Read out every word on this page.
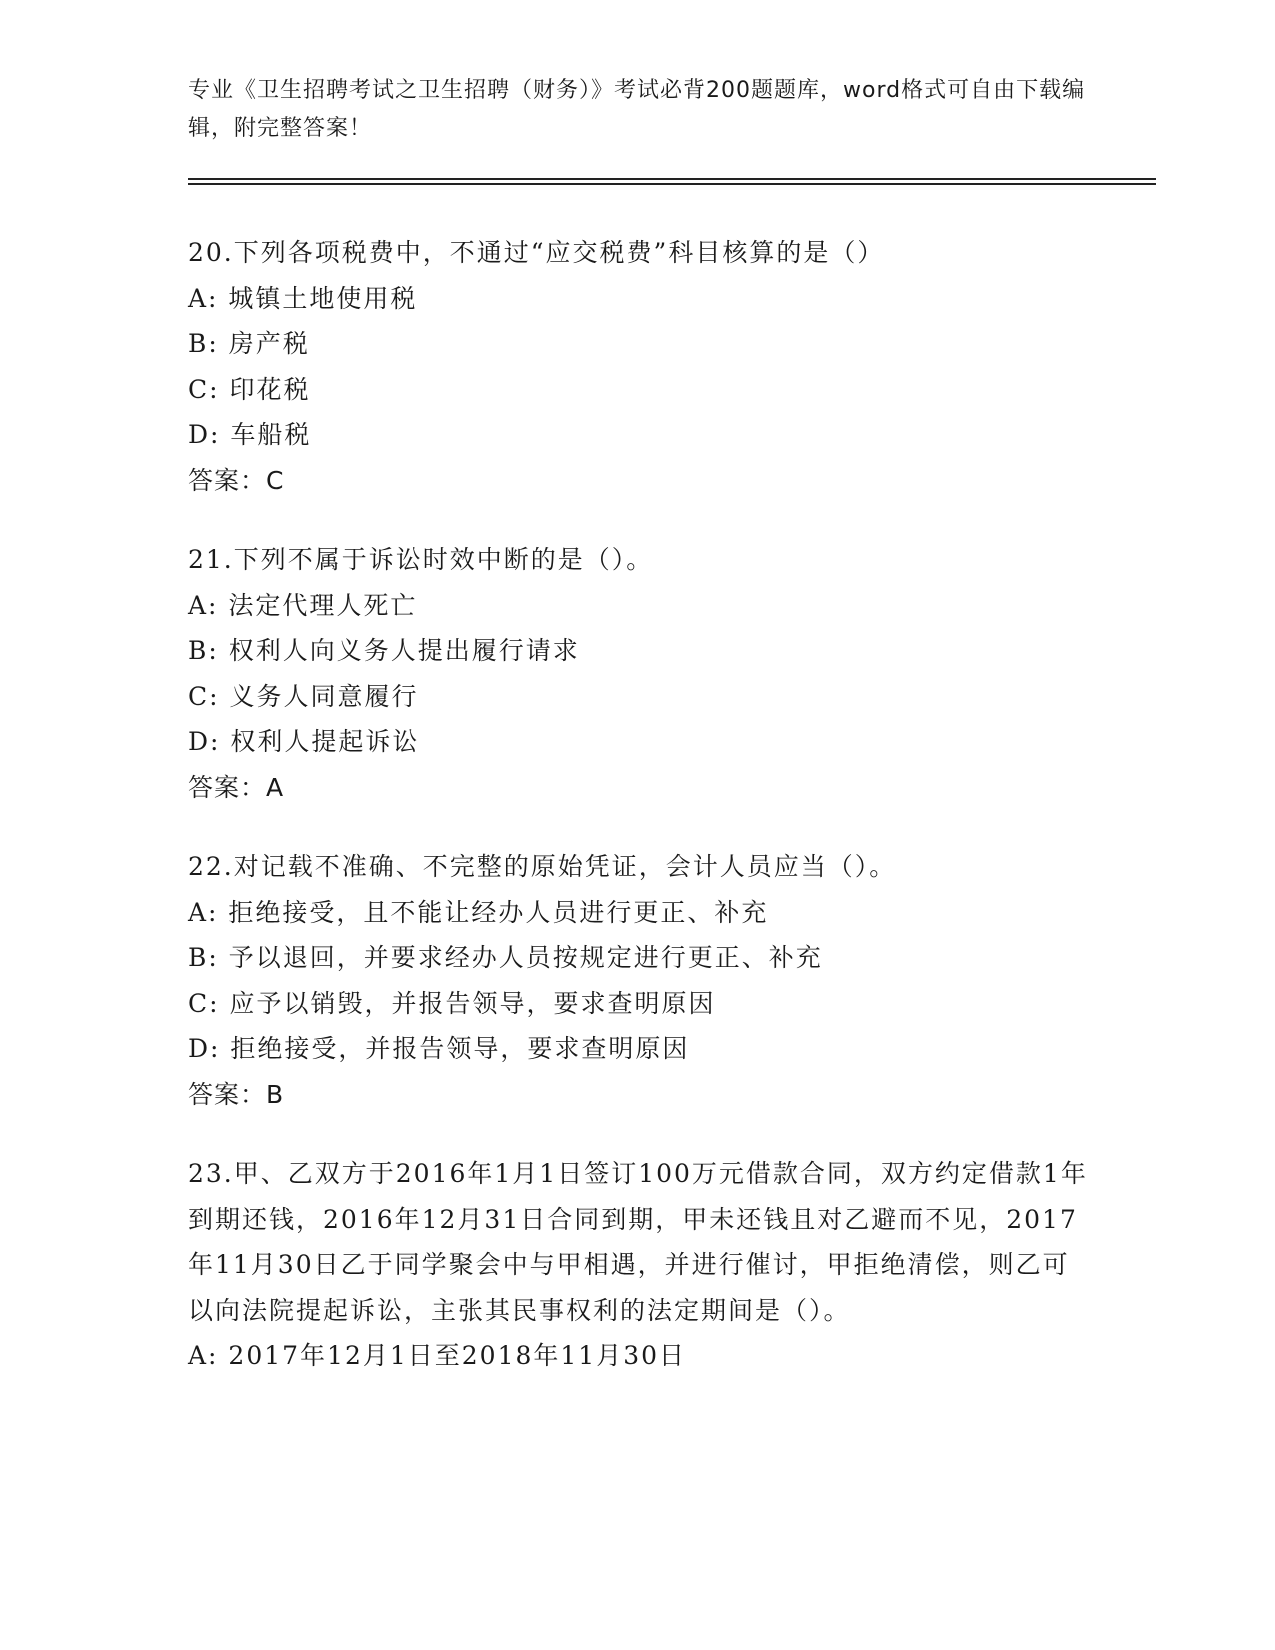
专业《卫生招聘考试之卫生招聘（财务）》考试必背200题题库，word格式可自由下载编辑，附完整答案！
20.下列各项税费中，不通过“应交税费”科目核算的是（）
A: 城镇土地使用税
B: 房产税
C: 印花税
D: 车船税
答案：C
21.下列不属于诉讼时效中断的是（）。
A: 法定代理人死亡
B: 权利人向义务人提出履行请求
C: 义务人同意履行
D: 权利人提起诉讼
答案：A
22.对记载不准确、不完整的原始凭证，会计人员应当（）。
A: 拒绝接受，且不能让经办人员进行更正、补充
B: 予以退回，并要求经办人员按规定进行更正、补充
C: 应予以销毁，并报告领导，要求查明原因
D: 拒绝接受，并报告领导，要求查明原因
答案：B
23.甲、乙双方于2016年1月1日签订100万元借款合同，双方约定借款1年到期还钱，2016年12月31日合同到期，甲未还钱且对乙避而不见，2017年11月30日乙于同学聚会中与甲相遇，并进行催讨，甲拒绝清偿，则乙可以向法院提起诉讼，主张其民事权利的法定期间是（）。
A: 2017年12月1日至2018年11月30日
